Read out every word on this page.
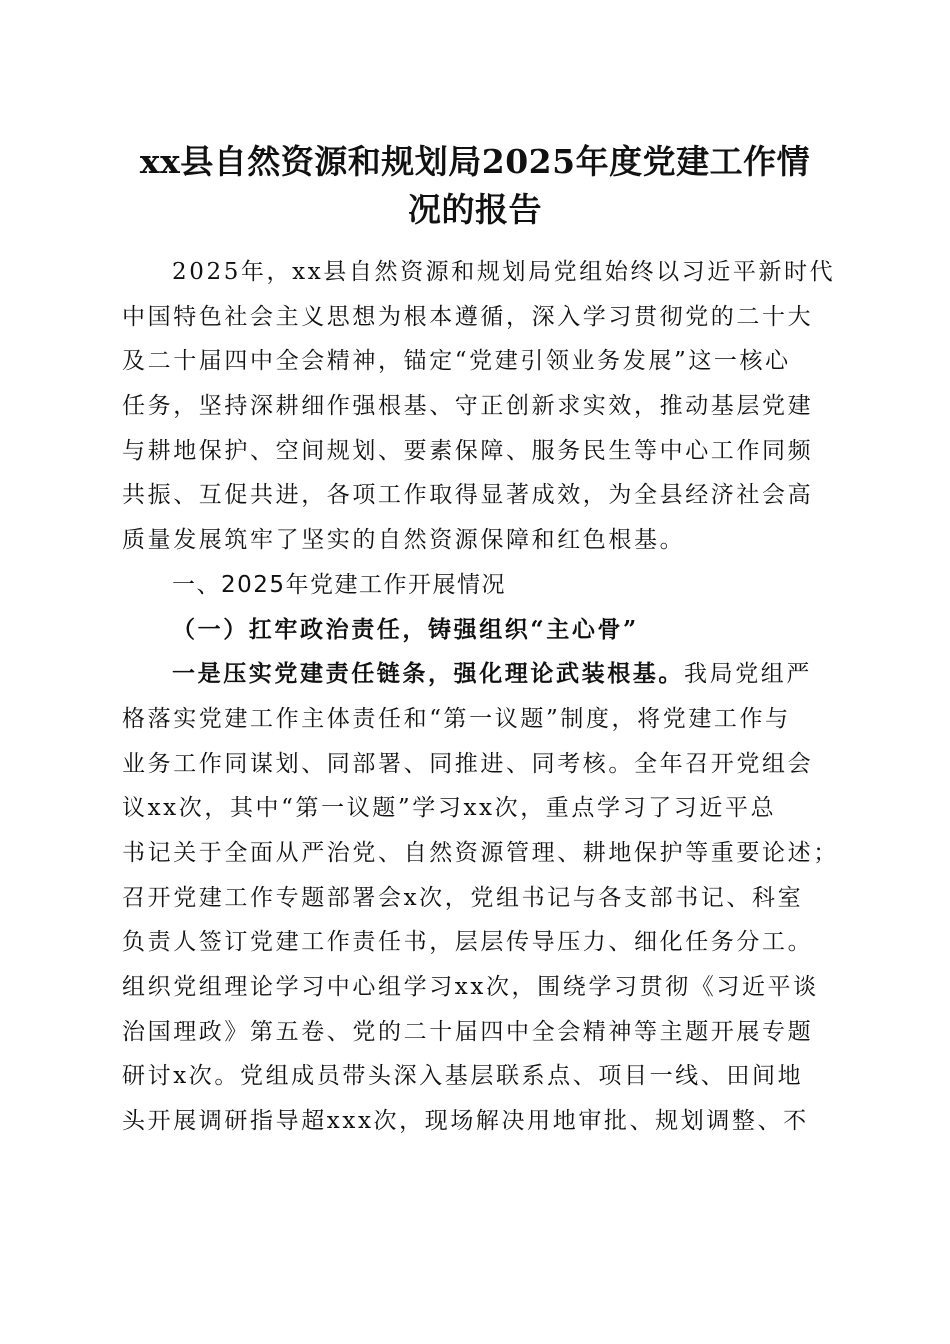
xx县自然资源和规划局2025年度党建工作情
况的报告
2025年，xx县自然资源和规划局党组始终以习近平新时代
中国特色社会主义思想为根本遵循，深入学习贯彻党的二十大
及二十届四中全会精神，锚定“党建引领业务发展”这一核心
任务，坚持深耕细作强根基、守正创新求实效，推动基层党建
与耕地保护、空间规划、要素保障、服务民生等中心工作同频
共振、互促共进，各项工作取得显著成效，为全县经济社会高
质量发展筑牢了坚实的自然资源保障和红色根基。
一、2025年党建工作开展情况
（一）扛牢政治责任，铸强组织“主心骨”
一是压实党建责任链条，强化理论武装根基。我局党组严
格落实党建工作主体责任和“第一议题”制度，将党建工作与
业务工作同谋划、同部署、同推进、同考核。全年召开党组会
议xx次，其中“第一议题”学习xx次，重点学习了习近平总
书记关于全面从严治党、自然资源管理、耕地保护等重要论述；
召开党建工作专题部署会x次，党组书记与各支部书记、科室
负责人签订党建工作责任书，层层传导压力、细化任务分工。
组织党组理论学习中心组学习xx次，围绕学习贯彻《习近平谈
治国理政》第五卷、党的二十届四中全会精神等主题开展专题
研讨x次。党组成员带头深入基层联系点、项目一线、田间地
头开展调研指导超xxx次，现场解决用地审批、规划调整、不
